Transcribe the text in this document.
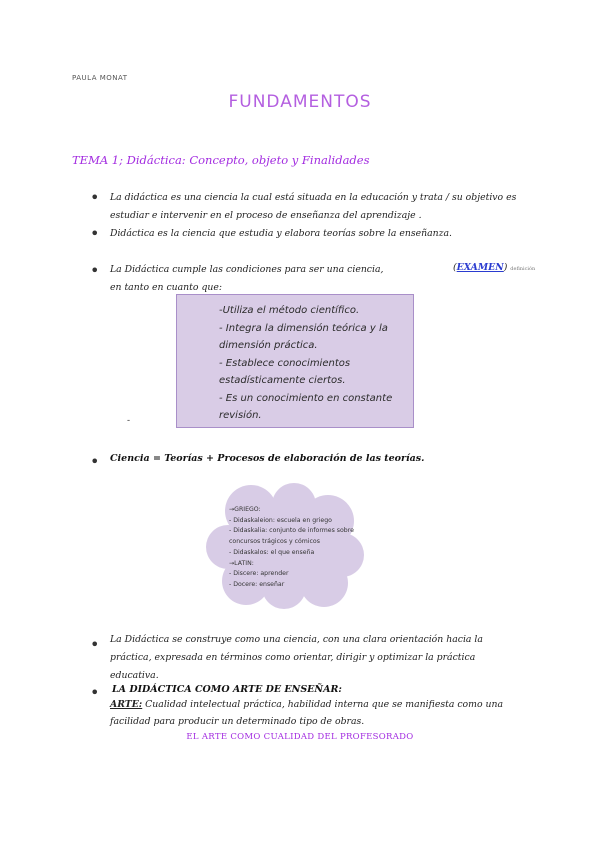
PAULA MONAT
FUNDAMENTOS
TEMA 1; Didáctica: Concepto, objeto y Finalidades
• La didáctica es una ciencia la cual está situada en la educación y trata / su objetivo es estudiar e intervenir en el proceso de enseñanza del aprendizaje .
• Didáctica es la ciencia que estudia y elabora teorías sobre la enseñanza.
• La Didáctica cumple las condiciones para ser una ciencia, en tanto en cuanto que:
(EXAMEN) definición
-Utiliza el método científico.
- Integra la dimensión teórica y la dimensión práctica.
- Establece conocimientos estadísticamente ciertos.
- Es un conocimiento en constante revisión.
-
• Ciencia = Teorías + Procesos de elaboración de las teorías.
→GRIEGO:
- Didaskaleion: escuela en griego
- Didaskalia: conjunto de informes sobre concursos trágicos y cómicos
- Didaskalos: el que enseña
→LATIN:
- Discere: aprender
- Docere: enseñar
• La Didáctica se construye como una ciencia, con una clara orientación hacia la práctica, expresada en términos como orientar, dirigir y optimizar la práctica educativa.
• LA DIDÁCTICA COMO ARTE DE ENSEÑAR:
ARTE: Cualidad intelectual práctica, habilidad interna que se manifiesta como una facilidad para producir un determinado tipo de obras.
EL ARTE COMO CUALIDAD DEL PROFESORADO
